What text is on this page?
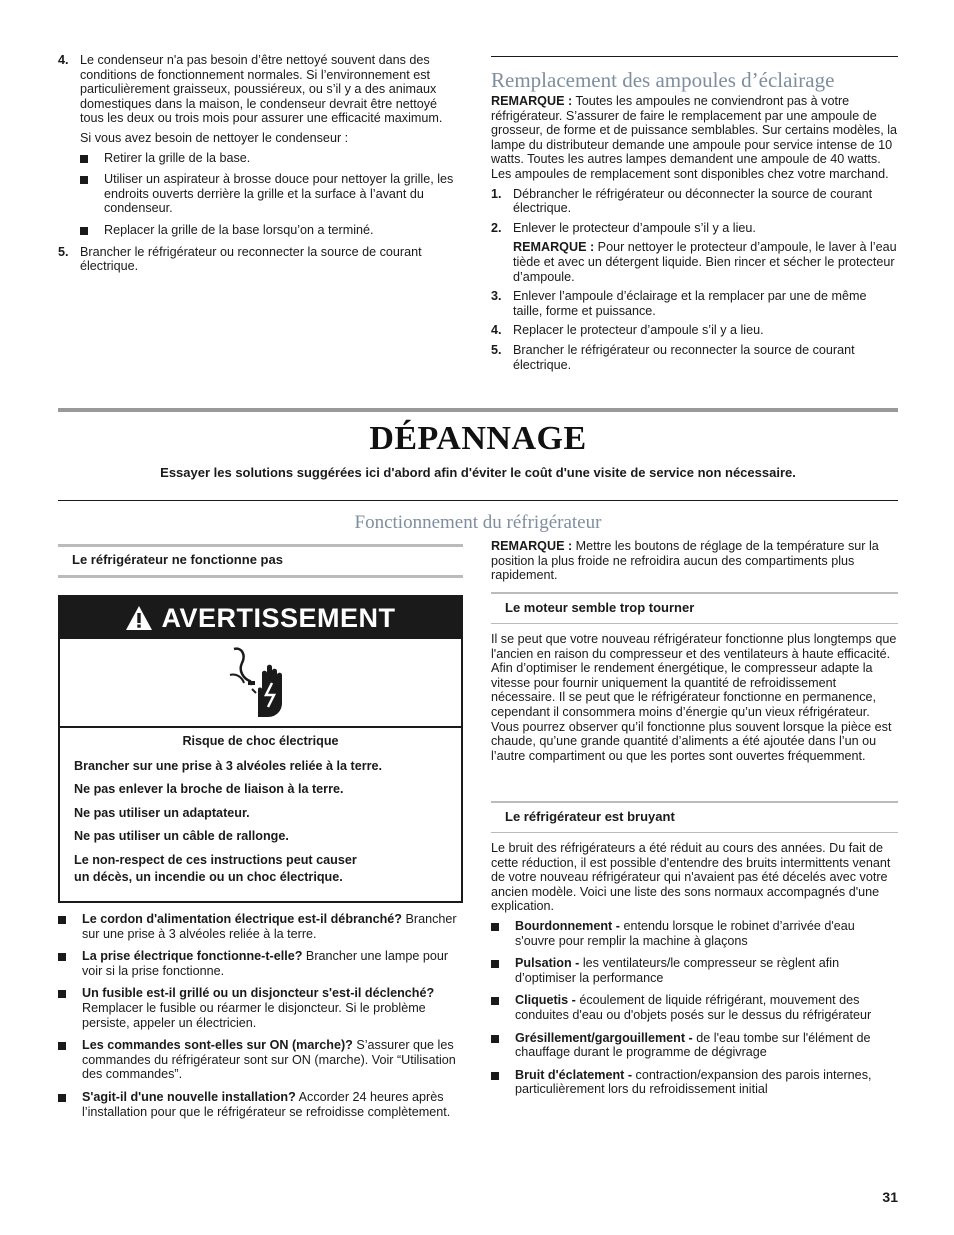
4. Le condenseur n'a pas besoin d’être nettoyé souvent dans des conditions de fonctionnement normales. Si l’environnement est particulièrement graisseux, poussiéreux, ou s’il y a des animaux domestiques dans la maison, le condenseur devrait être nettoyé tous les deux ou trois mois pour assurer une efficacité maximum.

Si vous avez besoin de nettoyer le condenseur :

Retirer la grille de la base.
Utiliser un aspirateur à brosse douce pour nettoyer la grille, les endroits ouverts derrière la grille et la surface à l’avant du condenseur.
Replacer la grille de la base lorsqu’on a terminé.
5. Brancher le réfrigérateur ou reconnecter la source de courant électrique.

Remplacement des ampoules d’éclairage

REMARQUE : Toutes les ampoules ne conviendront pas à votre réfrigérateur. S’assurer de faire le remplacement par une ampoule de grosseur, de forme et de puissance semblables. Sur certains modèles, la lampe du distributeur demande une ampoule pour service intense de 10 watts. Toutes les autres lampes demandent une ampoule de 40 watts. Les ampoules de remplacement sont disponibles chez votre marchand.

1. Débrancher le réfrigérateur ou déconnecter la source de courant électrique.

2. Enlever le protecteur d’ampoule s’il y a lieu.

REMARQUE : Pour nettoyer le protecteur d’ampoule, le laver à l’eau tiède et avec un détergent liquide. Bien rincer et sécher le protecteur d’ampoule.

3. Enlever l’ampoule d’éclairage et la remplacer par une de même taille, forme et puissance.

4. Replacer le protecteur d’ampoule s’il y a lieu.

5. Brancher le réfrigérateur ou reconnecter la source de courant électrique.

DÉPANNAGE
Essayer les solutions suggérées ici d'abord afin d'éviter le coût d'une visite de service non nécessaire.
Fonctionnement du réfrigérateur
Le réfrigérateur ne fonctionne pas
AVERTISSEMENT
Risque de choc électrique
Brancher sur une prise à 3 alvéoles reliée à la terre.
Ne pas enlever la broche de liaison à la terre.
Ne pas utiliser un adaptateur.
Ne pas utiliser un câble de rallonge.
Le non-respect de ces instructions peut causer
un décès, un incendie ou un choc électrique.

Le cordon d'alimentation électrique est-il débranché? Brancher sur une prise à 3 alvéoles reliée à la terre.

La prise électrique fonctionne-t-elle? Brancher une lampe pour voir si la prise fonctionne.

Un fusible est-il grillé ou un disjoncteur s'est-il déclenché? Remplacer le fusible ou réarmer le disjoncteur. Si le problème persiste, appeler un électricien.

Les commandes sont-elles sur ON (marche)? S’assurer que les commandes du réfrigérateur sont sur ON (marche). Voir “Utilisation des commandes”.

S'agit-il d'une nouvelle installation? Accorder 24 heures après l’installation pour que le réfrigérateur se refroidisse complètement.

REMARQUE : Mettre les boutons de réglage de la température sur la position la plus froide ne refroidira aucun des compartiments plus rapidement.

Le moteur semble trop tourner

Il se peut que votre nouveau réfrigérateur fonctionne plus longtemps que l'ancien en raison du compresseur et des ventilateurs à haute efficacité. Afin d’optimiser le rendement énergétique, le compresseur adapte la vitesse pour fournir uniquement la quantité de refroidissement nécessaire. Il se peut que le réfrigérateur fonctionne en permanence, cependant il consommera moins d’énergie qu’un vieux réfrigérateur. Vous pourrez observer qu’il fonctionne plus souvent lorsque la pièce est chaude, qu’une grande quantité d’aliments a été ajoutée dans l’un ou l’autre compartiment ou que les portes sont ouvertes fréquemment.

Le réfrigérateur est bruyant

Le bruit des réfrigérateurs a été réduit au cours des années. Du fait de cette réduction, il est possible d'entendre des bruits intermittents venant de votre nouveau réfrigérateur qui n'avaient pas été décelés avec votre ancien modèle. Voici une liste des sons normaux accompagnés d'une explication.

Bourdonnement - entendu lorsque le robinet d’arrivée d'eau s'ouvre pour remplir la machine à glaçons

Pulsation - les ventilateurs/le compresseur se règlent afin d’optimiser la performance

Cliquetis - écoulement de liquide réfrigérant, mouvement des conduites d'eau ou d'objets posés sur le dessus du réfrigérateur

Grésillement/gargouillement - de l'eau tombe sur l'élément de chauffage durant le programme de dégivrage

Bruit d'éclatement - contraction/expansion des parois internes, particulièrement lors du refroidissement initial

31
